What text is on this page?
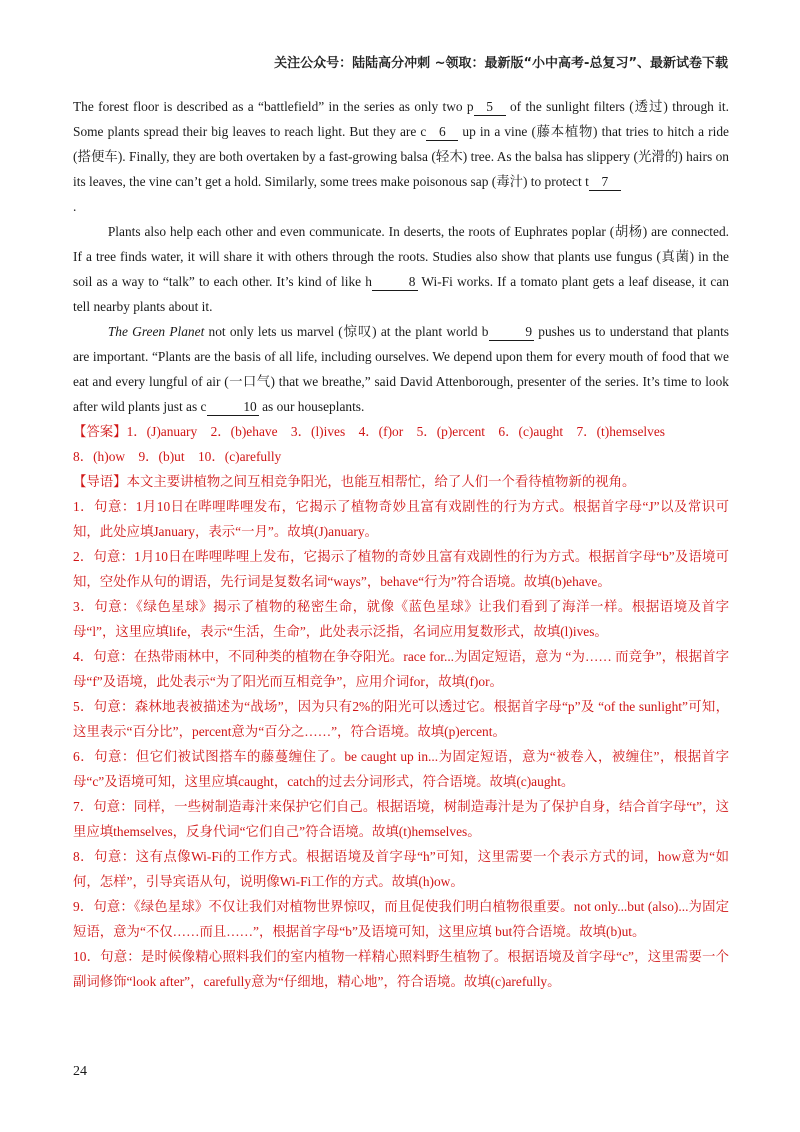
关注公众号：陆陆高分冲刺 ~领取：最新版“小中高考-总复习”、最新试卷下载

The forest floor is described as a “battlefield” in the series as only two p 5 of the sunlight filters (透过) through it. Some plants spread their big leaves to reach light. But they are c 6 up in a vine (藤本植物) that tries to hitch a ride (搭便车). Finally, they are both overtaken by a fast-growing balsa (轻木) tree. As the balsa has slippery (光滑的) hairs on its leaves, the vine can’t get a hold. Similarly, some trees make poisonous sap (毒汁) to protect t 7
.

Plants also help each other and even communicate. In deserts, the roots of Euphrates poplar (胡杨) are connected. If a tree finds water, it will share it with others through the roots. Studies also show that plants use fungus (真菌) in the soil as a way to “talk” to each other. It’s kind of like h	8 Wi-Fi works. If a tomato plant gets a leaf disease, it can tell nearby plants about it.

The Green Planet not only lets us marvel (惊叹) at the plant world b	9 pushes us to understand that plants are important. “Plants are the basis of all life, including ourselves. We depend upon them for every mouth of food that we eat and every lungful of air (一口气) that we breathe,” said David Attenborough, presenter of the series. It’s time to look after wild plants just as c	10 as our houseplants.

【答案】1．(J)anuary　2．(b)ehave　3．(l)ives　4．(f)or　5．(p)ercent　6．(c)aught　7．(t)hemselves

8．(h)ow　9．(b)ut　10．(c)arefully

【导语】本文主要讲植物之间互相竞争阳光，也能互相帮忙，给了人们一个看待植物新的视角。

1．句意：1月10日在哔哩哔哩发布，它揭示了植物奇妙且富有戏剧性的行为方式。根据首字母“J”以及常识可知，此处应填January，表示“一月”。故填(J)anuary。

2．句意：1月10日在哔哩哔哩上发布，它揭示了植物的奇妙且富有戏剧性的行为方式。根据首字母“b”及语境可知，空处作从句的谓语，先行词是复数名词“ways”，behave“行为”符合语境。故填(b)ehave。

3．句意：《绿色星球》揭示了植物的秘密生命，就像《蓝色星球》让我们看到了海洋一样。根据语境及首字母“l”，这里应填life，表示“生活，生命”，此处表示泛指，名词应用复数形式，故填(l)ives。

4．句意：在热带雨林中，不同种类的植物在争夺阳光。race for...为固定短语，意为 “为…… 而竞争”，根据首字母“f”及语境，此处表示“为了阳光而互相竞争”，应用介词for，故填(f)or。

5．句意：森林地表被描述为“战场”，因为只有2%的阳光可以透过它。根据首字母“p”及 “of the sunlight”可知，这里表示“百分比”，percent意为“百分之……”，符合语境。故填(p)ercent。

6．句意：但它们被试图搭车的藤蔓缠住了。be caught up in...为固定短语，意为“被卷入，被缠住”，根据首字母“c”及语境可知，这里应填caught，catch的过去分词形式，符合语境。故填(c)aught。

7．句意：同样，一些树制造毒汁来保护它们自己。根据语境，树制造毒汁是为了保护自身，结合首字母“t”，这里应填themselves，反身代词“它们自己”符合语境。故填(t)hemselves。

8．句意：这有点像Wi-Fi的工作方式。根据语境及首字母“h”可知，这里需要一个表示方式的词，how意为“如何，怎样”，引导宾语从句，说明像Wi-Fi工作的方式。故填(h)ow。

9．句意：《绿色星球》不仅让我们对植物世界惊叹，而且促使我们明白植物很重要。not only...but (also)...为固定短语，意为“不仅……而且……”，根据首字母“b”及语境可知，这里应填 but符合语境。故填(b)ut。

10．句意：是时候像精心照料我们的室内植物一样精心照料野生植物了。根据语境及首字母“c”，这里需要一个副词修饰“look after”，carefully意为“仔细地，精心地”，符合语境。故填(c)arefully。

24
